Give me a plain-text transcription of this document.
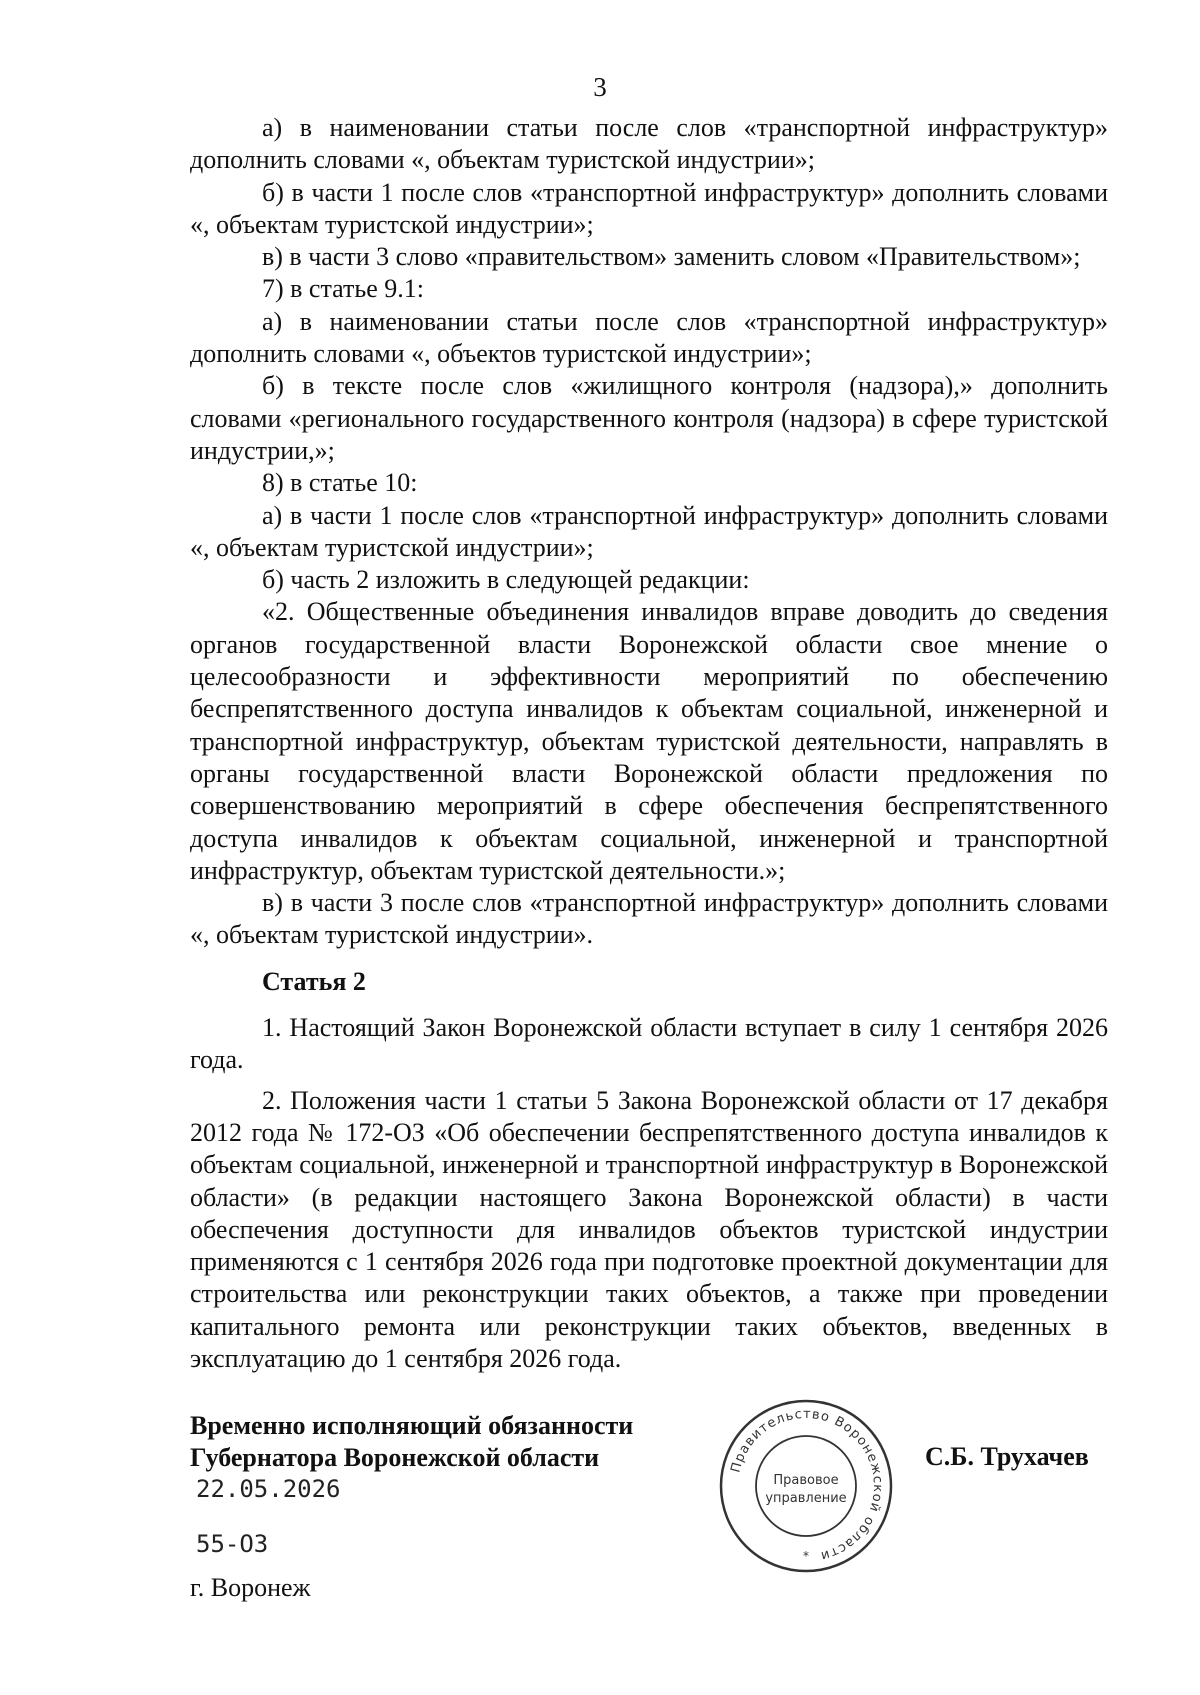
3

а) в наименовании статьи после слов «транспортной инфраструктур» дополнить словами «, объектам туристской индустрии»;

б) в части 1 после слов «транспортной инфраструктур» дополнить словами «, объектам туристской индустрии»;

в) в части 3 слово «правительством» заменить словом «Правительством»;

7) в статье 9.1:

а) в наименовании статьи после слов «транспортной инфраструктур» дополнить словами «, объектов туристской индустрии»;

б) в тексте после слов «жилищного контроля (надзора),» дополнить словами «регионального государственного контроля (надзора) в сфере туристской индустрии,»;

8) в статье 10:

а) в части 1 после слов «транспортной инфраструктур» дополнить словами «, объектам туристской индустрии»;

б) часть 2 изложить в следующей редакции:

«2. Общественные объединения инвалидов вправе доводить до сведения органов государственной власти Воронежской области свое мнение о целесообразности и эффективности мероприятий по обеспечению беспрепятственного доступа инвалидов к объектам социальной, инженерной и транспортной инфраструктур, объектам туристской деятельности, направлять в органы государственной власти Воронежской области предложения по совершенствованию мероприятий в сфере обеспечения беспрепятственного доступа инвалидов к объектам социальной, инженерной и транспортной инфраструктур, объектам туристской деятельности.»;

в) в части 3 после слов «транспортной инфраструктур» дополнить словами «, объектам туристской индустрии».

Статья 2

1. Настоящий Закон Воронежской области вступает в силу 1 сентября 2026 года.

2. Положения части 1 статьи 5 Закона Воронежской области от 17 декабря 2012 года № 172-ОЗ «Об обеспечении беспрепятственного доступа инвалидов к объектам социальной, инженерной и транспортной инфраструктур в Воронежской области» (в редакции настоящего Закона Воронежской области) в части обеспечения доступности для инвалидов объектов туристской индустрии применяются с 1 сентября 2026 года при подготовке проектной документации для строительства или реконструкции таких объектов, а также при проведении капитального ремонта или реконструкции таких объектов, введенных в эксплуатацию до 1 сентября 2026 года.

Временно исполняющий обязанности
Губернатора Воронежской области	С.Б. Трухачев
22.05.2026
55-ОЗ
г. Воронеж
Правительство Воронежской области
Правовое
управление
*
